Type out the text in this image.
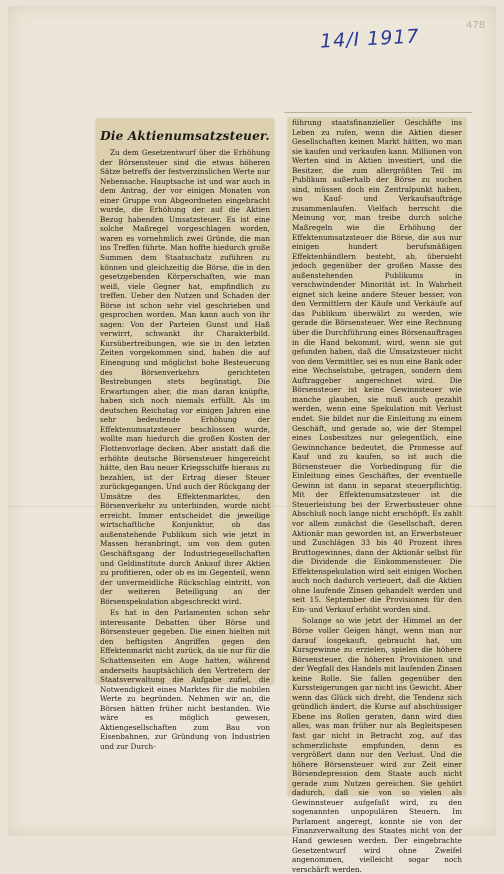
14/I 1917	478
Die Aktienumsatzsteuer.

Zu dem Gesetzentwurf über die Erhöhung der Börsensteuer sind die etwas höheren Sätze betreffs der festverzinslichen Werte nur Nebensache. Hauptsache ist und war auch in dem Antrag, der vor einigen Monaten von einer Gruppe von Abgeordneten eingebracht wurde, die Erhöhung der auf die Aktien Bezug habenden Umsatzsteuer. Es ist eine solche Maßregel vorgeschlagen worden, waren es vornehmlich zwei Gründe, die man ins Treffen führte. Man hoffte hiedurch große Summen dem Staatsschatz zuführen zu können und gleichzeitig die Börse, die in den gesetzgebenden Körperschaften, wie man weiß, viele Gegner hat, empfindlich zu treffen. Ueber den Nutzen und Schaden der Börse ist schon sehr viel geschrieben und gesprochen worden. Man kann auch von ihr sagen: Von der Parteien Gunst und Haß verwirrt, schwankt ihr Charakterbild. Kursübertreibungen, wie sie in den letzten Zeiten vorgekommen sind, haben die auf Einengung und möglichst hohe Besteuerung des Börsenverkehrs gerichteten Bestrebungen stets begünstigt. Die Erwartungen aber, die man daran knüpfte, haben sich noch niemals erfüllt. Als im deutschen Reichstag vor einigen Jahren eine sehr bedeutende Erhöhung der Effektenumsatzsteuer beschlossen wurde, wollte man hiedurch die großen Kosten der Flottenvorlage decken. Aber anstatt daß die erhöhte deutsche Börsensteuer hingereicht hätte, den Bau neuer Kriegsschiffe hieraus zu bezahlen, ist der Ertrag dieser Steuer zurückgegangen. Und auch der Rückgang der Umsätze des Effektenmarktes, den Börsenverkehr zu unterbinden, wurde nicht erreicht. Immer entscheidet die jeweilige wirtschaftliche Konjunktur, ob das außenstehende Publikum sich wie jetzt in Massen heranbringt, um von dem guten Geschäftsgang der Industriegesellschaften und Geldinstitute durch Ankauf ihrer Aktien zu profitieren, oder ob es im Gegenteil, wenn der unvermeidliche Rückschlag eintritt, von der weiteren Beteiligung an der Börsenspekulation abgeschreckt wird.

Es hat in den Parlamenten schon sehr interessante Debatten über Börse und Börsensteuer gegeben. Die einen hielten mit den heftigsten Angriffen gegen den Effektenmarkt nicht zurück, da sie nur für die Schattenseiten ein Auge hatten, während anderseits hauptsächlich den Vertretern der Staatsverwaltung die Aufgabe zufiel, die Notwendigkeit eines Marktes für die mobilen Werte zu begründen. Nehmen wir an, die Börsen hätten früher nicht bestanden. Wie wäre es möglich gewesen, Aktiengesellschaften zum Bau von Eisenbahnen, zur Gründung von Industrien und zur Durch-

führung staatsfinanzieller Geschäfte ins Leben zu rufen, wenn die Aktien dieser Gesellschaften keinen Markt hätten, wo man sie kaufen und verkaufen kann. Millionen von Werten sind in Aktien investiert, und die Besitzer, die zum allergrößten Teil im Publikum außerhalb der Börse zu suchen sind, müssen doch ein Zentralpunkt haben, wo Kauf- und Verkaufsaufträge zusammenlaufen. Vielfach herrscht die Meinung vor, man treibe durch solche Maßregeln wie die Erhöhung der Effektenumsatzsteuer die Börse, die aus nur einigen hundert berufsmäßigen Effektenhändlern besteht, ab, übersieht jedoch gegenüber der großen Masse des außenstehenden Publikums in verschwindender Minorität ist. In Wahrheit eignet sich keine andere Steuer besser, von den Vermittlern der Käufe und Verkäufe auf das Publikum überwälzt zu werden, wie gerade die Börsensteuer. Wer eine Rechnung über die Durchführung eines Börsenauftrages in die Hand bekommt, wird, wenn sie gut gefunden haben, daß die Umsatzsteuer nicht von dem Vermittler, sei es nun eine Bank oder eine Wechselstube, getragen, sondern dem Auftraggeber angerechnet wird. Die Börsensteuer ist keine Gewinnsteuer wie manche glauben, sie muß auch gezahlt werden, wenn eine Spekulation mit Verlust endet. Sie bildet nur die Einleitung zu einem Geschäft, und gerade so, wie der Stempel eines Losbesitzes nur gelegentlich, eine Gewinnchance bedeutet, die Promesse auf Kauf und zu kaufen, so ist auch die Börsensteuer die Vorbedingung für die Einleitung eines Geschäftes, der eventuelle Gewinn ist dann in separat steuerpflichtig. Mit der Effektenumsatzsteuer ist die Steuerleistung bei der Erwerbssteuer ohne Abschluß noch lange nicht erschöpft. Es zahlt vor allem zunächst die Gesellschaft, deren Aktionär man geworden ist, an Erwerbsteuer und Zuschlägen 33 bis 40 Prozent ihres Bruttogewinnes, dann der Aktionär selbst für die Dividende die Einkommensteuer. Die Effektenspekulation wird seit einigen Wochen auch noch dadurch verteuert, daß die Aktien ohne laufende Zinsen gehandelt werden und seit 15. September die Provisionen für den Ein- und Verkauf erhöht worden sind.

Solange so wie jetzt der Himmel an der Börse voller Geigen hängt, wenn man nur darauf losgekauft, gebraucht hat, um Kursgewinne zu erzielen, spielen die höhere Börsensteuer, die höheren Provisionen und der Wegfall des Handels mit laufenden Zinsen keine Rolle. Sie fallen gegenüber den Kurssteigerungen gar nicht ins Gewicht. Aber wenn das Glück sich dreht, die Tendenz sich gründlich ändert, die Kurse auf abschüssiger Ebene ins Rollen geraten, dann wird dies alles, was man früher nur als Begleitspesen fast gar nicht in Betracht zog, auf das schmerzlichste empfunden, denn es vergrößert dann nur den Verlust. Und die höhere Börsensteuer wird zur Zeit einer Börsendepression dem Staate auch nicht gerade zum Nutzen gereichen. Sie gehört dadurch, daß sie von so vielen als Gewinnsteuer aufgefaßt wird, zu den sogenannten unpopulären Steuern. Im Parlament angeregt, konnte sie von der Finanzverwaltung des Staates nicht von der Hand gewiesen werden. Der eingebrachte Gesetzentwurf wird ohne Zweifel angenommen, vielleicht sogar noch verschärft werden.
